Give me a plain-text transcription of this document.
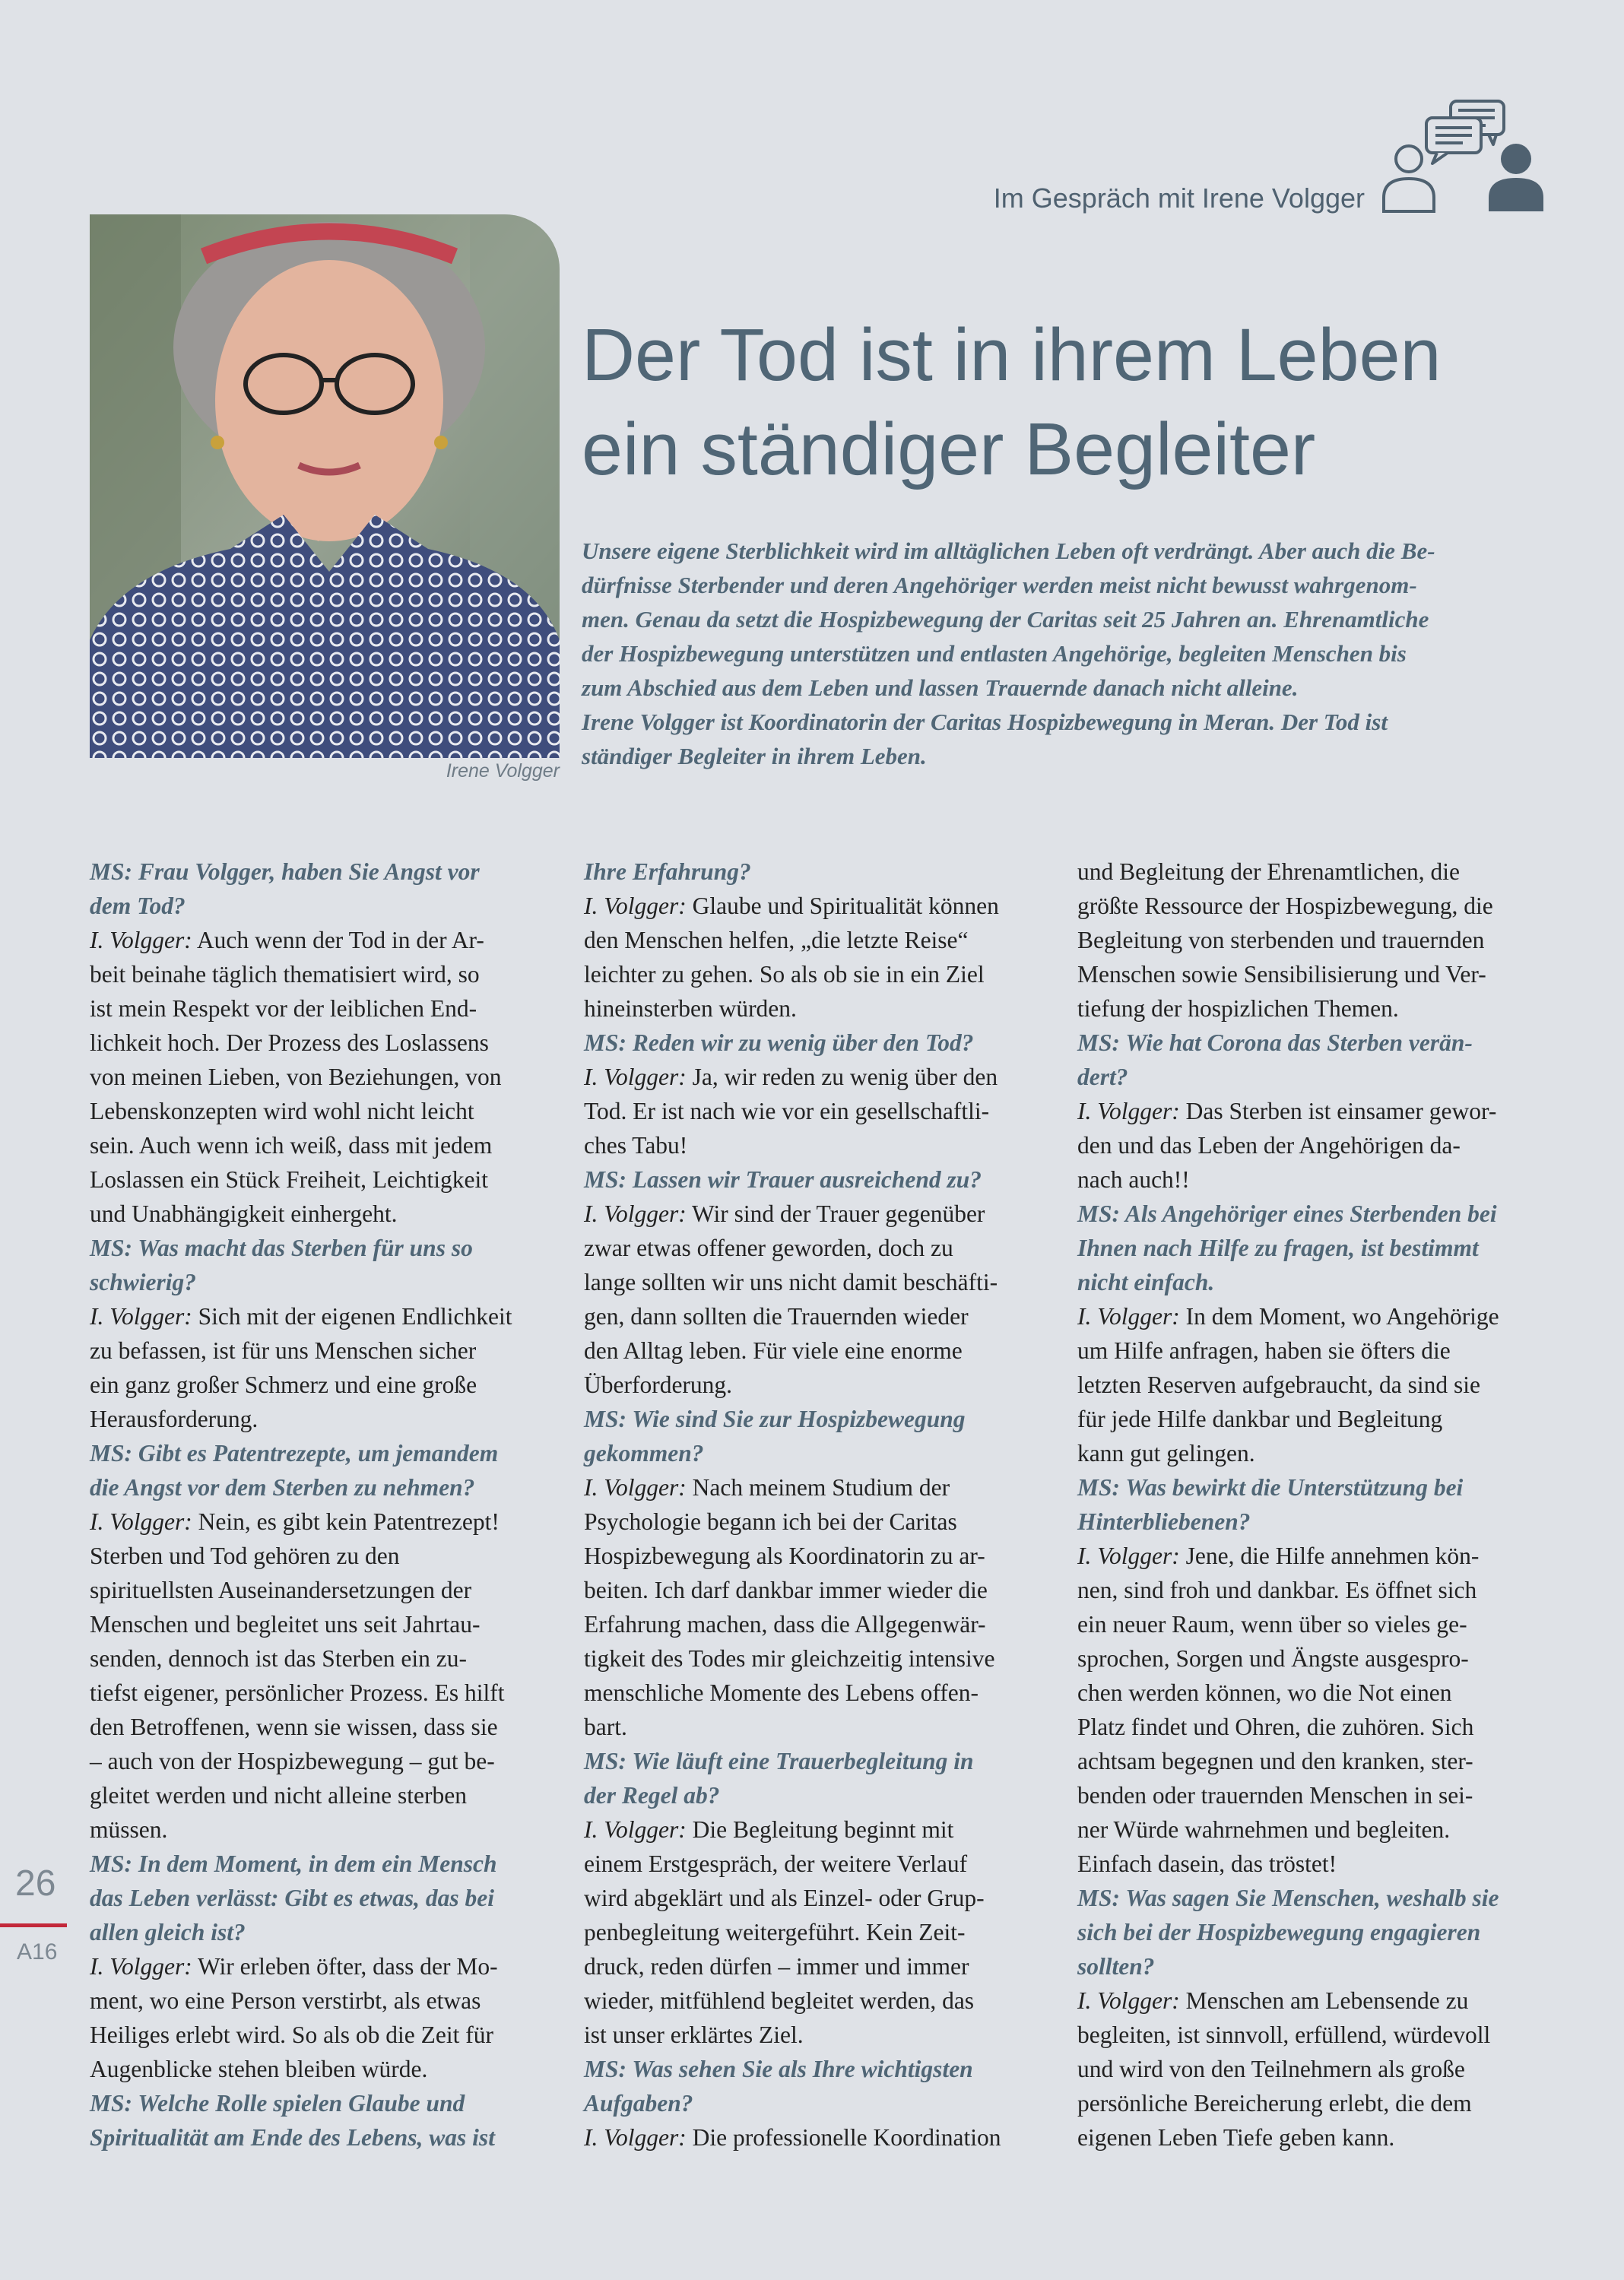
Im Gespräch mit Irene Volgger
Irene Volgger
Der Tod ist in ihrem Leben
ein ständiger Begleiter

Unsere eigene Sterblichkeit wird im alltäglichen Leben oft verdrängt. Aber auch die Be-
dürfnisse Sterbender und deren Angehöriger werden meist nicht bewusst wahrgenom-
men. Genau da setzt die Hospizbewegung der Caritas seit 25 Jahren an. Ehrenamtliche
der Hospizbewegung unterstützen und entlasten Angehörige, begleiten Menschen bis
zum Abschied aus dem Leben und lassen Trauernde danach nicht alleine.
Irene Volgger ist Koordinatorin der Caritas Hospizbewegung in Meran. Der Tod ist
ständiger Begleiter in ihrem Leben.

MS: Frau Volgger, haben Sie Angst vor
dem Tod?
I. Volgger: Auch wenn der Tod in der Ar-
beit beinahe täglich thematisiert wird, so
ist mein Respekt vor der leiblichen End-
lichkeit hoch. Der Prozess des Loslassens
von meinen Lieben, von Beziehungen, von
Lebenskonzepten wird wohl nicht leicht
sein. Auch wenn ich weiß, dass mit jedem
Loslassen ein Stück Freiheit, Leichtigkeit
und Unabhängigkeit einhergeht.
MS: Was macht das Sterben für uns so
schwierig?
I. Volgger: Sich mit der eigenen Endlichkeit
zu befassen, ist für uns Menschen sicher
ein ganz großer Schmerz und eine große
Herausforderung.
MS: Gibt es Patentrezepte, um jemandem
die Angst vor dem Sterben zu nehmen?
I. Volgger: Nein, es gibt kein Patentrezept!
Sterben und Tod gehören zu den
spirituellsten Auseinandersetzungen der
Menschen und begleitet uns seit Jahrtau-
senden, dennoch ist das Sterben ein zu-
tiefst eigener, persönlicher Prozess. Es hilft
den Betroffenen, wenn sie wissen, dass sie
– auch von der Hospizbewegung – gut be-
gleitet werden und nicht alleine sterben
müssen.
MS: In dem Moment, in dem ein Mensch
das Leben verlässt: Gibt es etwas, das bei
allen gleich ist?
I. Volgger: Wir erleben öfter, dass der Mo-
ment, wo eine Person verstirbt, als etwas
Heiliges erlebt wird. So als ob die Zeit für
Augenblicke stehen bleiben würde.
MS: Welche Rolle spielen Glaube und
Spiritualität am Ende des Lebens, was ist
Ihre Erfahrung?
I. Volgger: Glaube und Spiritualität können
den Menschen helfen, „die letzte Reise“
leichter zu gehen. So als ob sie in ein Ziel
hineinsterben würden.
MS: Reden wir zu wenig über den Tod?
I. Volgger: Ja, wir reden zu wenig über den
Tod. Er ist nach wie vor ein gesellschaftli-
ches Tabu!
MS: Lassen wir Trauer ausreichend zu?
I. Volgger: Wir sind der Trauer gegenüber
zwar etwas offener geworden, doch zu
lange sollten wir uns nicht damit beschäfti-
gen, dann sollten die Trauernden wieder
den Alltag leben. Für viele eine enorme
Überforderung.
MS: Wie sind Sie zur Hospizbewegung
gekommen?
I. Volgger: Nach meinem Studium der
Psychologie begann ich bei der Caritas
Hospizbewegung als Koordinatorin zu ar-
beiten. Ich darf dankbar immer wieder die
Erfahrung machen, dass die Allgegenwär-
tigkeit des Todes mir gleichzeitig intensive
menschliche Momente des Lebens offen-
bart.
MS: Wie läuft eine Trauerbegleitung in
der Regel ab?
I. Volgger: Die Begleitung beginnt mit
einem Erstgespräch, der weitere Verlauf
wird abgeklärt und als Einzel- oder Grup-
penbegleitung weitergeführt. Kein Zeit-
druck, reden dürfen – immer und immer
wieder, mitfühlend begleitet werden, das
ist unser erklärtes Ziel.
MS: Was sehen Sie als Ihre wichtigsten
Aufgaben?
I. Volgger: Die professionelle Koordination
und Begleitung der Ehrenamtlichen, die
größte Ressource der Hospizbewegung, die
Begleitung von sterbenden und trauernden
Menschen sowie Sensibilisierung und Ver-
tiefung der hospizlichen Themen.
MS: Wie hat Corona das Sterben verän-
dert?
I. Volgger: Das Sterben ist einsamer gewor-
den und das Leben der Angehörigen da-
nach auch!!
MS: Als Angehöriger eines Sterbenden bei
Ihnen nach Hilfe zu fragen, ist bestimmt
nicht einfach.
I. Volgger: In dem Moment, wo Angehörige
um Hilfe anfragen, haben sie öfters die
letzten Reserven aufgebraucht, da sind sie
für jede Hilfe dankbar und Begleitung
kann gut gelingen.
MS: Was bewirkt die Unterstützung bei
Hinterbliebenen?
I. Volgger: Jene, die Hilfe annehmen kön-
nen, sind froh und dankbar. Es öffnet sich
ein neuer Raum, wenn über so vieles ge-
sprochen, Sorgen und Ängste ausgespro-
chen werden können, wo die Not einen
Platz findet und Ohren, die zuhören. Sich
achtsam begegnen und den kranken, ster-
benden oder trauernden Menschen in sei-
ner Würde wahrnehmen und begleiten.
Einfach dasein, das tröstet!
MS: Was sagen Sie Menschen, weshalb sie
sich bei der Hospizbewegung engagieren
sollten?
I. Volgger: Menschen am Lebensende zu
begleiten, ist sinnvoll, erfüllend, würdevoll
und wird von den Teilnehmern als große
persönliche Bereicherung erlebt, die dem
eigenen Leben Tiefe geben kann.
26
A16
